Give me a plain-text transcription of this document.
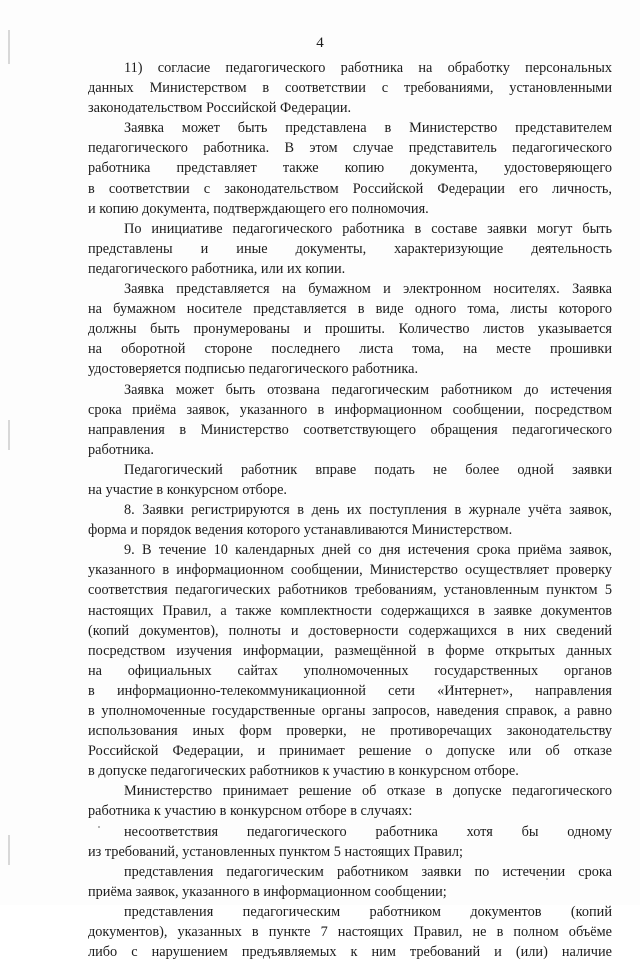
4
11) согласие педагогического работника на обработку персональных
данных Министерством в соответствии с требованиями, установленными
законодательством Российской Федерации.
Заявка может быть представлена в Министерство представителем
педагогического работника. В этом случае представитель педагогического
работника представляет также копию документа, удостоверяющего
в соответствии с законодательством Российской Федерации его личность,
и копию документа, подтверждающего его полномочия.
По инициативе педагогического работника в составе заявки могут быть
представлены и иные документы, характеризующие деятельность
педагогического работника, или их копии.
Заявка представляется на бумажном и электронном носителях. Заявка
на бумажном носителе представляется в виде одного тома, листы которого
должны быть пронумерованы и прошиты. Количество листов указывается
на оборотной стороне последнего листа тома, на месте прошивки
удостоверяется подписью педагогического работника.
Заявка может быть отозвана педагогическим работником до истечения
срока приёма заявок, указанного в информационном сообщении, посредством
направления в Министерство соответствующего обращения педагогического
работника.
Педагогический работник вправе подать не более одной заявки
на участие в конкурсном отборе.
8. Заявки регистрируются в день их поступления в журнале учёта заявок,
форма и порядок ведения которого устанавливаются Министерством.
9. В течение 10 календарных дней со дня истечения срока приёма заявок,
указанного в информационном сообщении, Министерство осуществляет проверку
соответствия педагогических работников требованиям, установленным пунктом 5
настоящих Правил, а также комплектности содержащихся в заявке документов
(копий документов), полноты и достоверности содержащихся в них сведений
посредством изучения информации, размещённой в форме открытых данных
на официальных сайтах уполномоченных государственных органов
в информационно-телекоммуникационной сети «Интернет», направления
в уполномоченные государственные органы запросов, наведения справок, а равно
использования иных форм проверки, не противоречащих законодательству
Российской Федерации, и принимает решение о допуске или об отказе
в допуске педагогических работников к участию в конкурсном отборе.
Министерство принимает решение об отказе в допуске педагогического
работника к участию в конкурсном отборе в случаях:
несоответствия педагогического работника хотя бы одному
из требований, установленных пунктом 5 настоящих Правил;
представления педагогическим работником заявки по истечении срока
приёма заявок, указанного в информационном сообщении;
представления педагогическим работником документов (копий
документов), указанных в пункте 7 настоящих Правил, не в полном объёме
либо с нарушением предъявляемых к ним требований и (или) наличие
